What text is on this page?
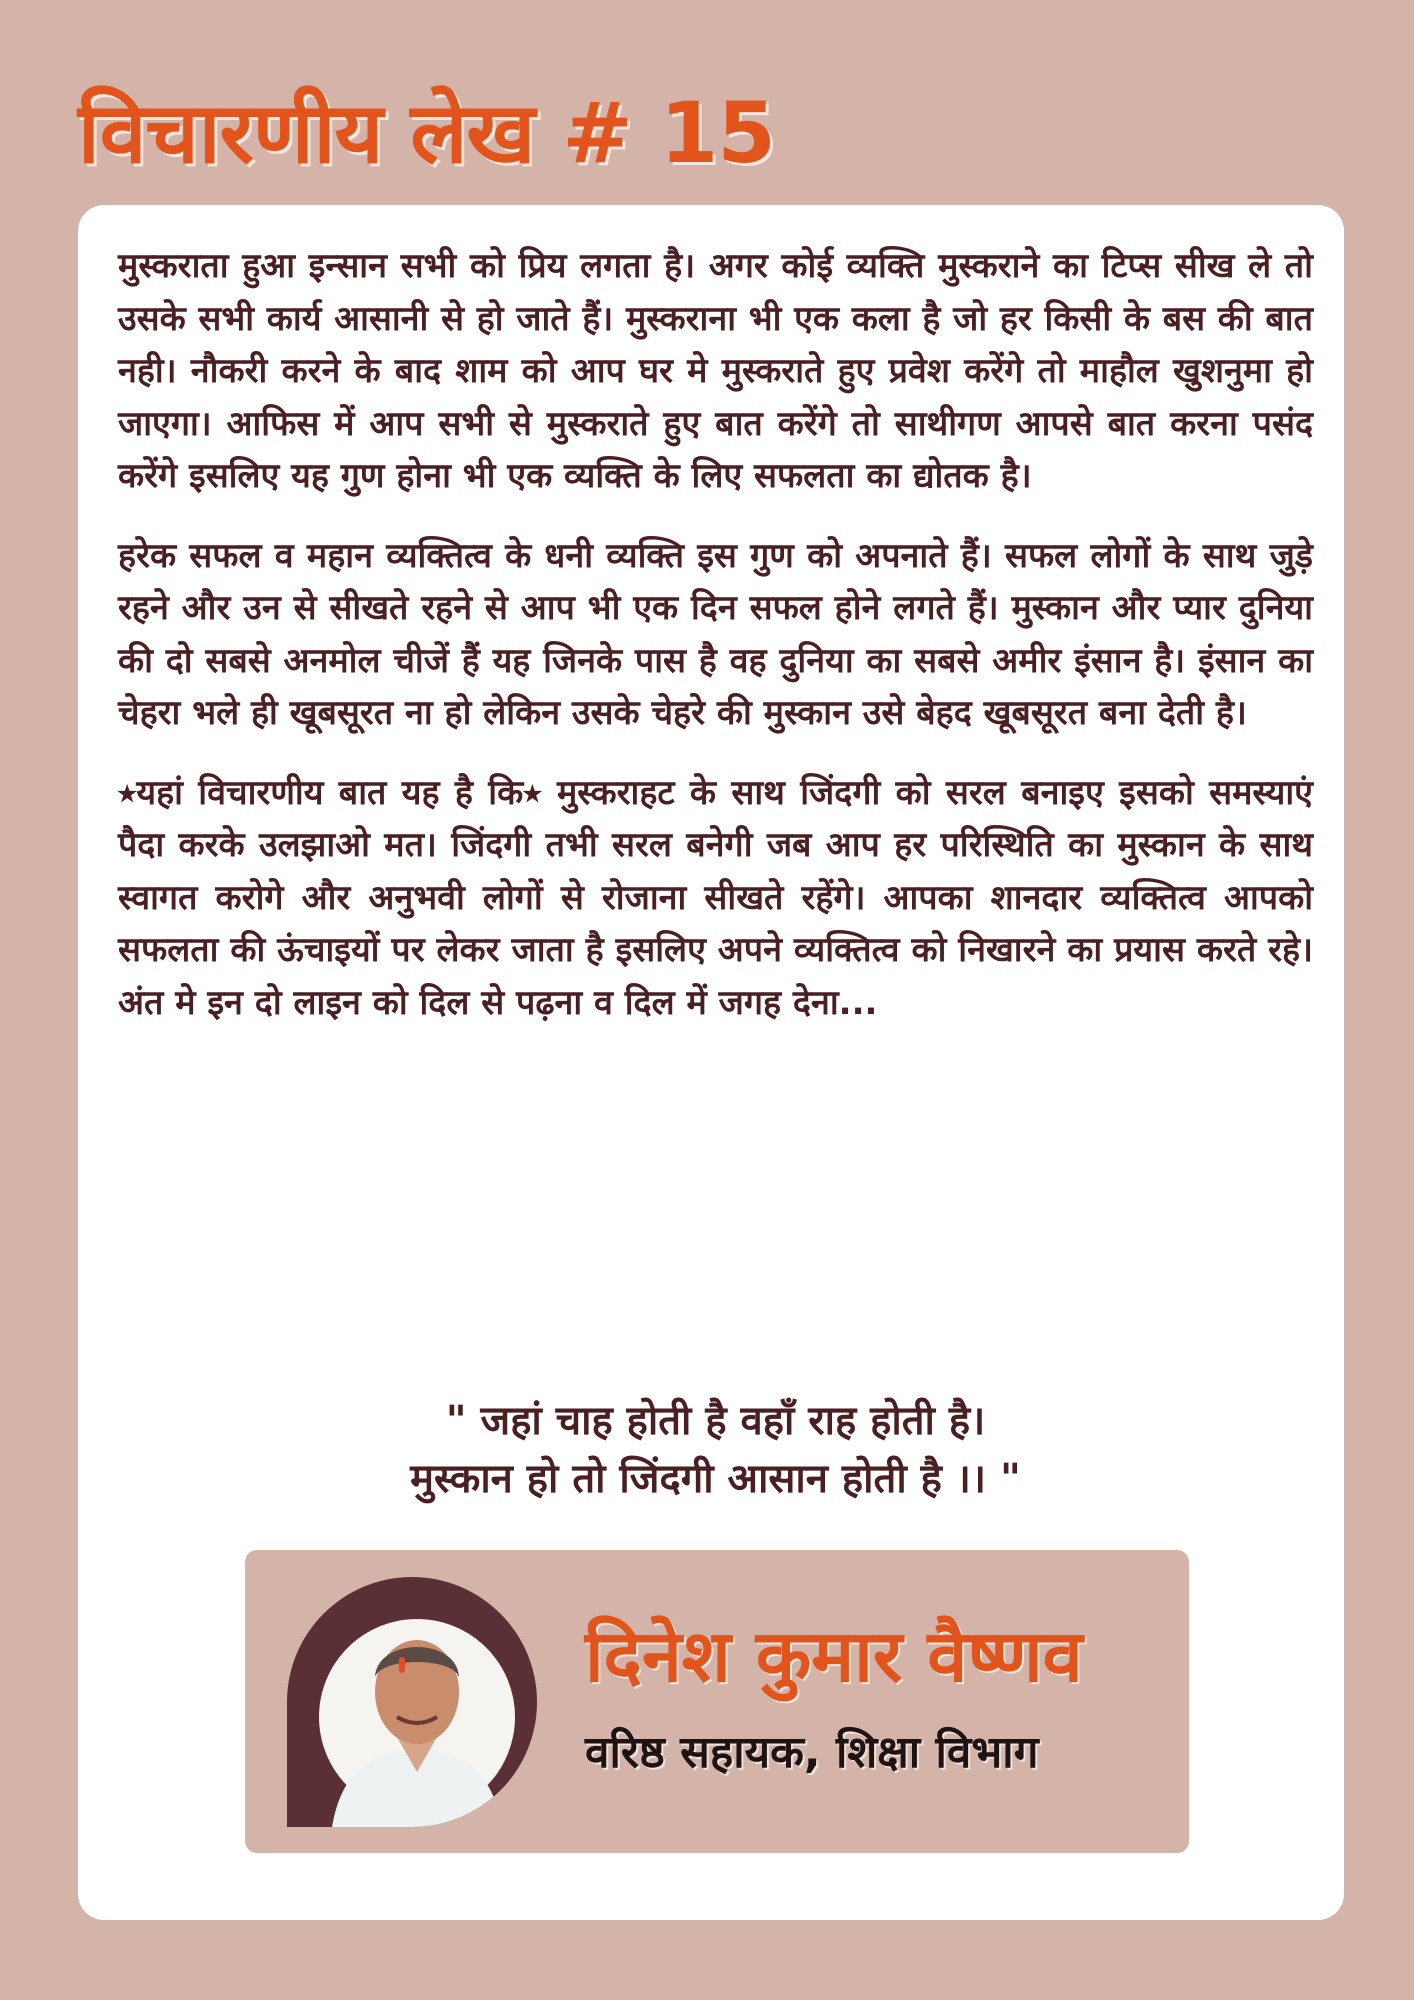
विचारणीय लेख # 15

मुस्कराता हुआ इन्सान सभी को प्रिय लगता है। अगर कोई व्यक्ति मुस्कराने का टिप्स सीख ले तो उसके सभी कार्य आसानी से हो जाते हैं। मुस्कराना भी एक कला है जो हर किसी के बस की बात नही। नौकरी करने के बाद शाम को आप घर मे मुस्कराते हुए प्रवेश करेंगे तो माहौल खुशनुमा हो जाएगा। आफिस में आप सभी से मुस्कराते हुए बात करेंगे तो साथीगण आपसे बात करना पसंद करेंगे इसलिए यह गुण होना भी एक व्यक्ति के लिए सफलता का द्योतक है।

हरेक सफल व महान व्यक्तित्व के धनी व्यक्ति इस गुण को अपनाते हैं। सफल लोगों के साथ जुड़े रहने और उन से सीखते रहने से आप भी एक दिन सफल होने लगते हैं। मुस्कान और प्यार दुनिया की दो सबसे अनमोल चीजें हैं यह जिनके पास है वह दुनिया का सबसे अमीर इंसान है। इंसान का चेहरा भले ही खूबसूरत ना हो लेकिन उसके चेहरे की मुस्कान उसे बेहद खूबसूरत बना देती है।

⭑यहां विचारणीय बात यह है कि⭑ मुस्कराहट के साथ जिंदगी को सरल बनाइए इसको समस्याएं पैदा करके उलझाओ मत। जिंदगी तभी सरल बनेगी जब आप हर परिस्थिति का मुस्कान के साथ स्वागत करोगे और अनुभवी लोगों से रोजाना सीखते रहेंगे। आपका शानदार व्यक्तित्व आपको सफलता की ऊंचाइयों पर लेकर जाता है इसलिए अपने व्यक्तित्व को निखारने का प्रयास करते रहे। अंत मे इन दो लाइन को दिल से पढ़ना व दिल में जगह देना...

" जहां चाह होती है वहाँ राह होती है।
मुस्कान हो तो जिंदगी आसान होती है ।। "
दिनेश कुमार वैष्णव
वरिष्ठ सहायक, शिक्षा विभाग
